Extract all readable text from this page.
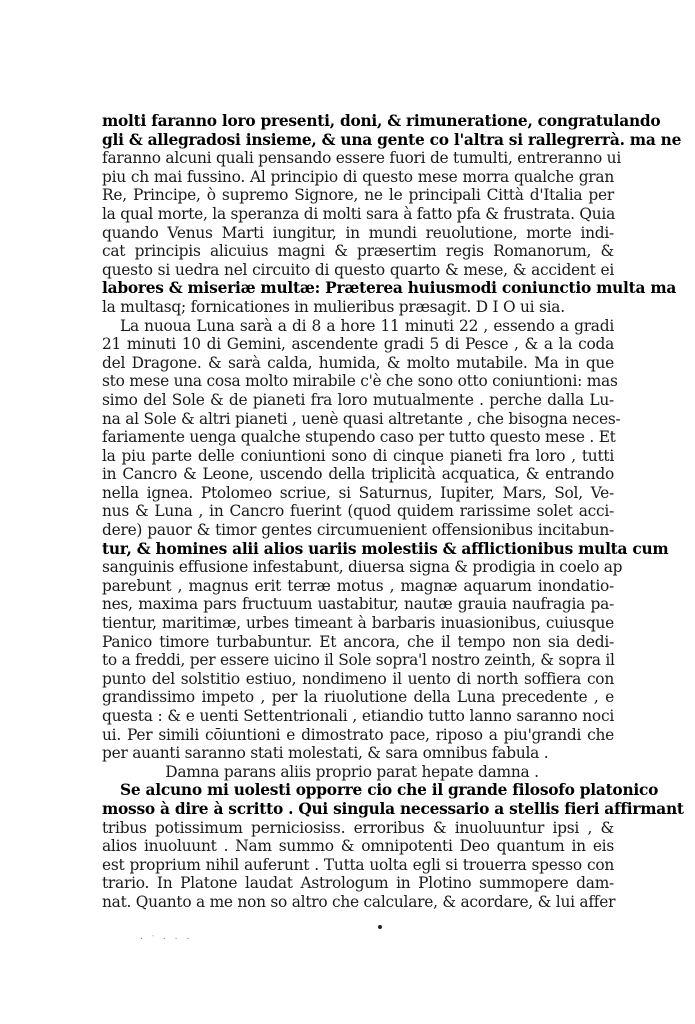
molti faranno loro presenti, doni, & rimuneratione, congratulando
gli & allegradosi insieme, & una gente co l'altra si rallegrerrà. ma ne
faranno alcuni quali pensando essere fuori de tumulti, entreranno ui
piu ch mai fussino. Al principio di questo mese morra qualche gran
Re, Principe, ò supremo Signore, ne le principali Città d'Italia per
la qual morte, la speranza di molti sara à fatto pfa & frustrata. Quia
quando Venus Marti iungitur, in mundi reuolutione, morte indi-
cat principis alicuius magni & præsertim regis Romanorum, &
questo si uedra nel circuito di questo quarto & mese, & accident ei
labores & miseriæ multæ: Præterea huiusmodi coniunctio multa ma
la multasq; fornicationes in mulieribus præsagit. D I O ui sia.
La nuoua Luna sarà a di 8 a hore 11 minuti 22 , essendo a gradi
21 minuti 10 di Gemini, ascendente gradi 5 di Pesce , & a la coda
del Dragone. & sarà calda, humida, & molto mutabile. Ma in que
sto mese una cosa molto mirabile c'è che sono otto coniuntioni: mas
simo del Sole & de pianeti fra loro mutualmente . perche dalla Lu-
na al Sole & altri pianeti , uenè quasi altretante , che bisogna neces-
fariamente uenga qualche stupendo caso per tutto questo mese . Et
la piu parte delle coniuntioni sono di cinque pianeti fra loro , tutti
in Cancro & Leone, uscendo della triplicità acquatica, & entrando
nella ignea. Ptolomeo scriue, si Saturnus, Iupiter, Mars, Sol, Ve-
nus & Luna , in Cancro fuerint (quod quidem rarissime solet acci-
dere) pauor & timor gentes circumuenient offensionibus incitabun-
tur, & homines alii alios uariis molestiis & afflictionibus multa cum
sanguinis effusione infestabunt, diuersa signa & prodigia in coelo ap
parebunt , magnus erit terræ motus , magnæ aquarum inondatio-
nes, maxima pars fructuum uastabitur, nautæ grauia naufragia pa-
tientur, maritimæ, urbes timeant à barbaris inuasionibus, cuiusque
Panico timore turbabuntur. Et ancora, che il tempo non sia dedi-
to a freddi, per essere uicino il Sole sopra'l nostro zeinth, & sopra il
punto del solstitio estiuo, nondimeno il uento di north soffiera con
grandissimo impeto , per la riuolutione della Luna precedente , e
questa : & e uenti Settentrionali , etiandio tutto lanno saranno noci
ui. Per simili cōiuntioni e dimostrato pace, riposo a piu'grandi che
per auanti saranno stati molestati, & sara omnibus fabula .
Damna parans aliis proprio parat hepate damna .
Se alcuno mi uolesti opporre cio che il grande filosofo platonico
mosso à dire à scritto . Qui singula necessario a stellis fieri affirmant
tribus potissimum perniciosiss. erroribus & inuoluuntur ipsi , &
alios inuoluunt . Nam summo & omnipotenti Deo quantum in eis
est proprium nihil auferunt . Tutta uolta egli si trouerra spesso con
trario. In Platone laudat Astrologum in Plotino summopere dam-
nat. Quanto a me non so altro che calculare, & acordare, & lui affer
. ᐧ . . .
